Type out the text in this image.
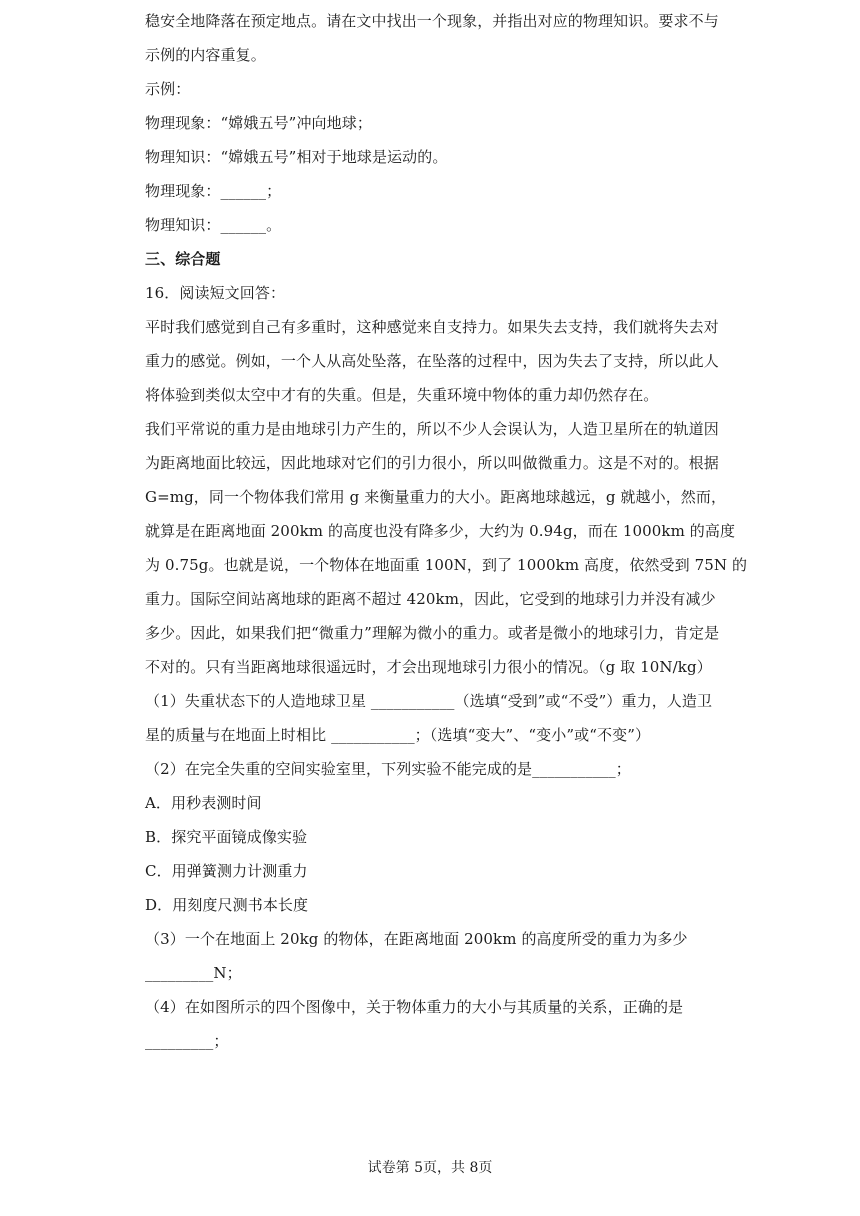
稳安全地降落在预定地点。请在文中找出一个现象，并指出对应的物理知识。要求不与
示例的内容重复。
示例：
物理现象：“嫦娥五号”冲向地球；
物理知识：“嫦娥五号”相对于地球是运动的。
物理现象：______；
物理知识：______。
三、综合题
16．阅读短文回答：
平时我们感觉到自己有多重时，这种感觉来自支持力。如果失去支持，我们就将失去对
重力的感觉。例如，一个人从高处坠落，在坠落的过程中，因为失去了支持，所以此人
将体验到类似太空中才有的失重。但是，失重环境中物体的重力却仍然存在。
我们平常说的重力是由地球引力产生的，所以不少人会误认为，人造卫星所在的轨道因
为距离地面比较远，因此地球对它们的引力很小，所以叫做微重力。这是不对的。根据
G=mg，同一个物体我们常用 g 来衡量重力的大小。距离地球越远，g 就越小，然而，
就算是在距离地面 200km 的高度也没有降多少，大约为 0.94g，而在 1000km 的高度
为 0.75g。也就是说，一个物体在地面重 100N，到了 1000km 高度，依然受到 75N 的
重力。国际空间站离地球的距离不超过 420km，因此，它受到的地球引力并没有减少
多少。因此，如果我们把“微重力”理解为微小的重力。或者是微小的地球引力，肯定是
不对的。只有当距离地球很遥远时，才会出现地球引力很小的情况。（g 取 10N/kg）
（1）失重状态下的人造地球卫星 ___________（选填“受到”或“不受”）重力，人造卫
星的质量与在地面上时相比 ___________；（选填“变大”、“变小”或“不变”）
（2）在完全失重的空间实验室里，下列实验不能完成的是___________；
A．用秒表测时间
B．探究平面镜成像实验
C．用弹簧测力计测重力
D．用刻度尺测书本长度
（3）一个在地面上 20kg 的物体，在距离地面 200km 的高度所受的重力为多少
_________N；
（4）在如图所示的四个图像中，关于物体重力的大小与其质量的关系，正确的是
_________；
试卷第 5页，共 8页
